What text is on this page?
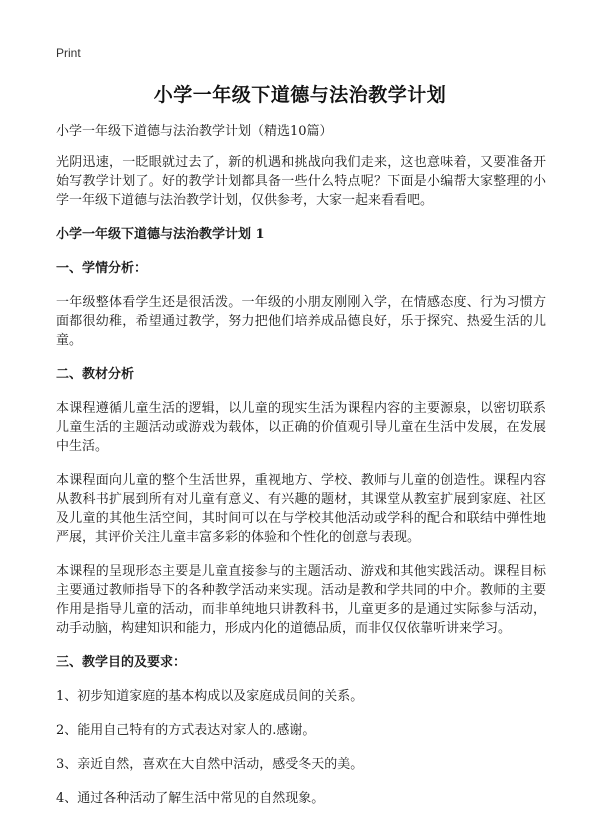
Print
小学一年级下道德与法治教学计划

小学一年级下道德与法治教学计划（精选10篇）

光阴迅速，一眨眼就过去了，新的机遇和挑战向我们走来，这也意味着，又要准备开始写教学计划了。好的教学计划都具备一些什么特点呢？下面是小编帮大家整理的小学一年级下道德与法治教学计划，仅供参考，大家一起来看看吧。

小学一年级下道德与法治教学计划 1

一、学情分析：

一年级整体看学生还是很活泼。一年级的小朋友刚刚入学，在情感态度、行为习惯方面都很幼稚，希望通过教学，努力把他们培养成品德良好，乐于探究、热爱生活的儿童。

二、教材分析

本课程遵循儿童生活的逻辑，以儿童的现实生活为课程内容的主要源泉，以密切联系儿童生活的主题活动或游戏为载体，以正确的价值观引导儿童在生活中发展，在发展中生活。

本课程面向儿童的整个生活世界，重视地方、学校、教师与儿童的创造性。课程内容从教科书扩展到所有对儿童有意义、有兴趣的题材，其课堂从教室扩展到家庭、社区及儿童的其他生活空间，其时间可以在与学校其他活动或学科的配合和联结中弹性地严展，其评价关注儿童丰富多彩的体验和个性化的创意与表现。

本课程的呈现形态主要是儿童直接参与的主题活动、游戏和其他实践活动。课程目标主要通过教师指导下的各种教学活动来实现。活动是教和学共同的中介。教师的主要作用是指导儿童的活动，而非单纯地只讲教科书，儿童更多的是通过实际参与活动，动手动脑，构建知识和能力，形成内化的道德品质，而非仅仅依靠听讲来学习。

三、教学目的及要求：

1、初步知道家庭的基本构成以及家庭成员间的关系。

2、能用自己特有的方式表达对家人的.感谢。

3、亲近自然，喜欢在大自然中活动，感受冬天的美。

4、通过各种活动了解生活中常见的自然现象。
